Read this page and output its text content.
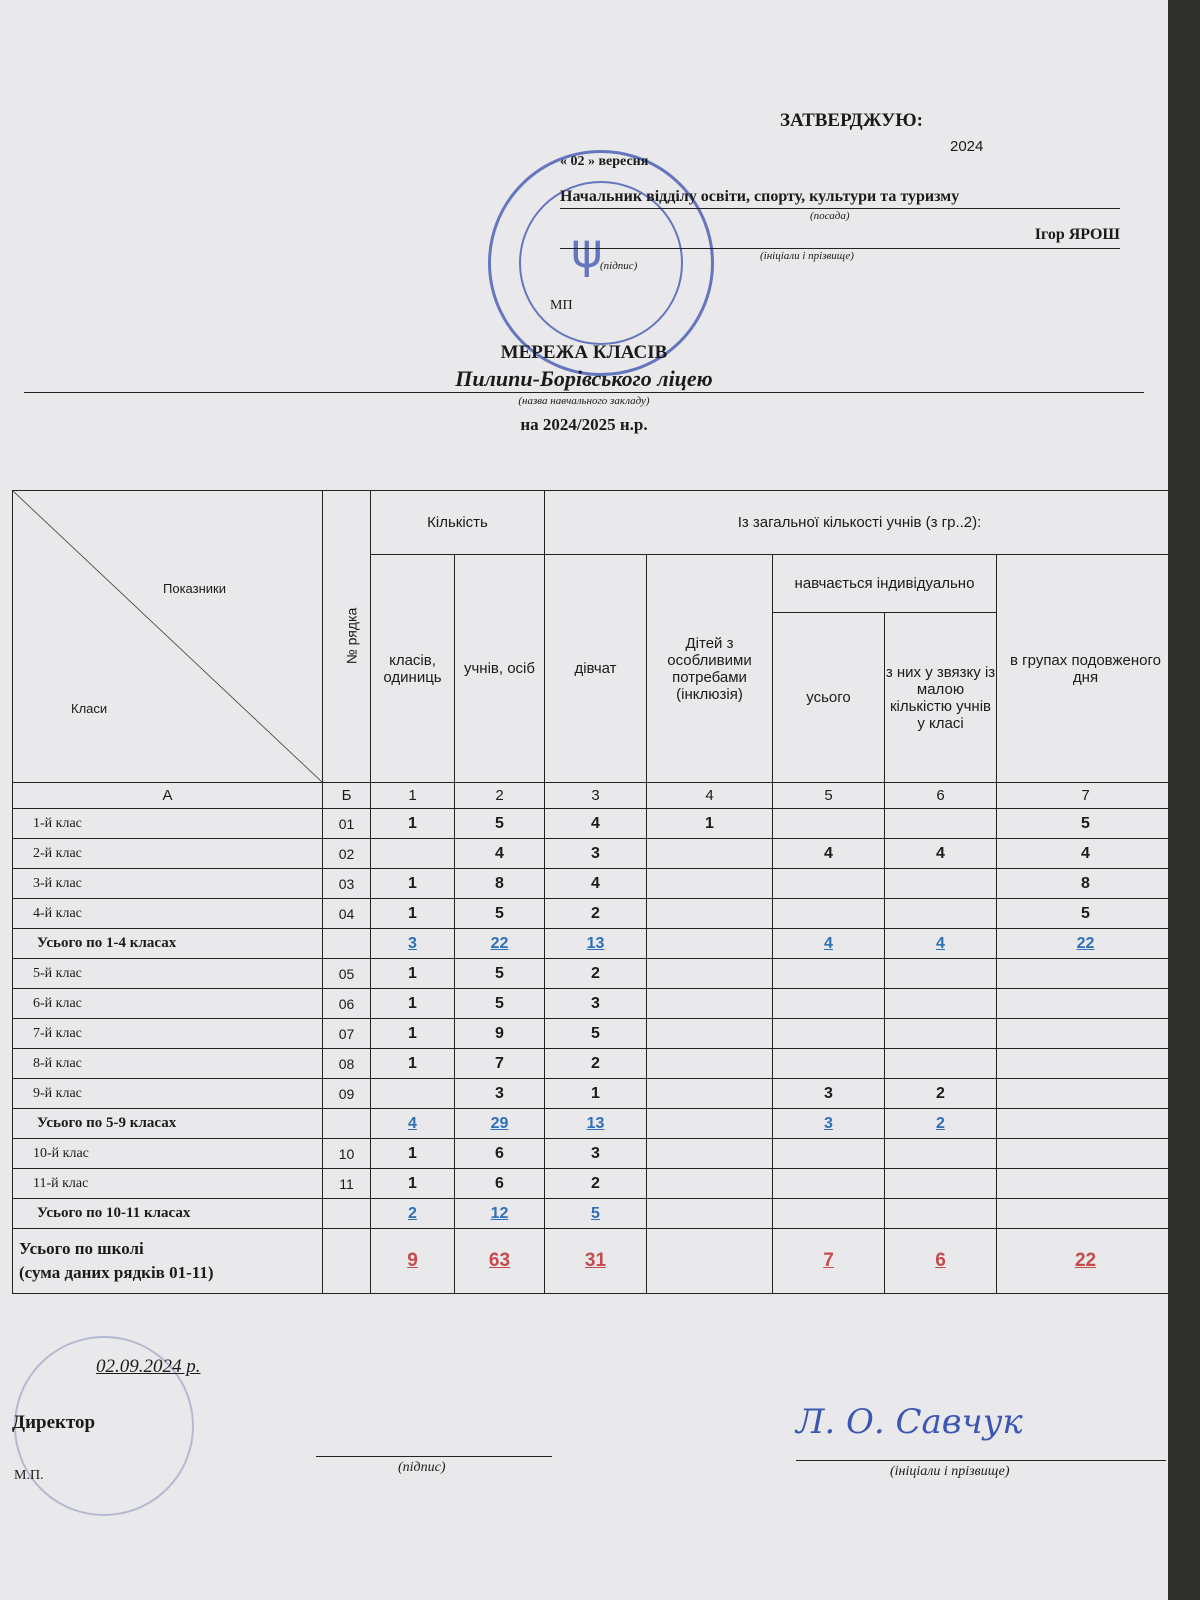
ψ
ЗАТВЕРДЖУЮ:
2024
« 02 » вересня
Начальник відділу освіти, спорту, культури та туризму
(посада)
Ігор ЯРОШ
(підпис)
(ініціали і прізвище)
МП
МЕРЕЖА КЛАСІВ
Пилипи-Борівського ліцею
(назва навчального закладу)
на 2024/2025 н.р.
Показники
Класи	№ рядка	Кількість		Із загальної кількості учнів (з гр..2):				
		класів, одиниць	учнів, осіб	дівчат	Дітей з особливими потребами (інклюзія)	навчається індивідуально		в групах подовженого дня
						усього	з них у звязку із малою кількістю учнів у класі	
А	Б	1	2	3	4	5	6	7
1-й клас	01	1	5	4	1			5
2-й клас	02		4	3		4	4	4
3-й клас	03	1	8	4				8
4-й клас	04	1	5	2				5
Усього по 1-4 класах		3	22	13		4	4	22
5-й клас	05	1	5	2				
6-й клас	06	1	5	3				
7-й клас	07	1	9	5				
8-й клас	08	1	7	2				
9-й клас	09		3	1		3	2	
Усього по 5-9 класах		4	29	13		3	2	
10-й клас	10	1	6	3				
11-й клас	11	1	6	2				
Усього по 10-11 класах		2	12	5				
Усього по школі
(сума даних рядків 01-11)		9	63	31		7	6	22
02.09.2024 р.
Директор
М.П.
(підпис)
Л. О. Савчук
(ініціали і прізвище)
